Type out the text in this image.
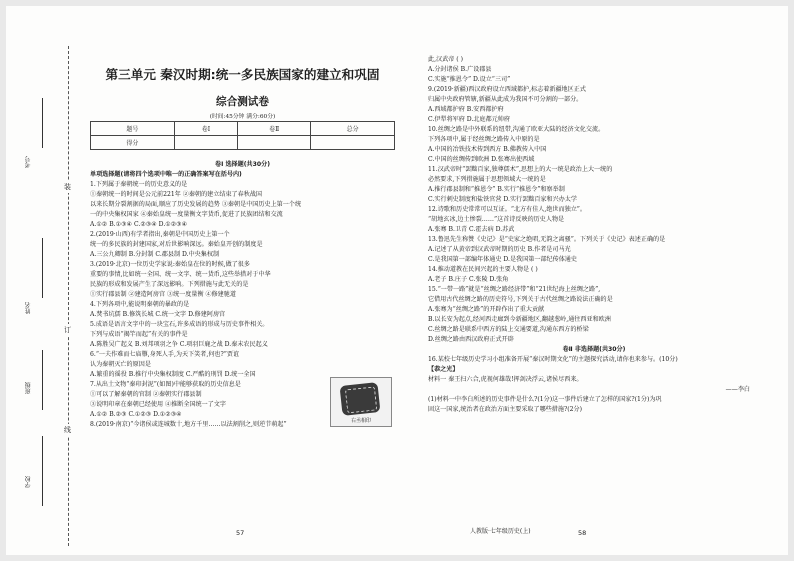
考号
姓名
班级
学校
装
订
线
第三单元 秦汉时期:统一多民族国家的建立和巩固
综合测试卷
(时间:45分钟 满分:60分)
题号	卷Ⅰ	卷Ⅱ	总分
得分			
卷Ⅰ 选择题(共30分)
单项选择题(请将四个选项中唯一的正确答案写在括号内)
1.下列属于秦朝统一的历史意义的是
①秦朝统一的时间是公元前221年 ②秦朝的建立结束了春秋战国
以来长期分裂割据的局面,顺应了历史发展的趋势 ③秦朝是中国历史上第一个统
一的中央集权国家 ④秦始皇统一度量衡文字货币,促进了民族团结和交流
A.①② B.①③④ C.②③④ D.①②③④
2.(2019·山西)有学者指出,秦朝是中国历史上第一个
统一的多民族的封建国家,对后世影响深远。秦始皇开创的制度是
A.三公九卿制 B.分封制 C.郡县制 D.中央集权制
3.(2019·北京)一位历史学家说:秦始皇在位的时候,做了很多
重要的事情,比如统一全国、统一文字、统一货币,这些举措对于中华
民族的形成和发展产生了深远影响。下列措施与此无关的是
①实行郡县制 ②建造阿房宫 ③统一度量衡 ④修建驰道
4.下列各项中,能说明秦朝的暴政的是
A.焚书坑儒 B.修筑长城 C.统一文字 D.修建阿房宫
5.成语是语言文字中的一块宝石,许多成语的形成与历史事件相关。
下列与成语“揭竿而起”有关的事件是
A.陈胜吴广起义 B.刘邦项羽之争 C.项羽巨鹿之战 D.秦末农民起义
6.“一夫作难而七庙隳,身死人手,为天下笑者,何也?”贾谊
认为秦朝灭亡的原因是
A.繁重的徭役 B.推行中央集权制度 C.严酷的刑罚 D.统一全国
7.从出土文物“秦印封泥”(如图)中能够获取的历史信息是
①可以了解秦朝的官制 ②秦朝实行郡县制
③说明印章在秦朝已经使用 ④推断全国统一了文字
A.①② B.②③ C.①②③ D.①②③④
8.(2019·南京)“今诸侯或连城数十,地方千里……以法割削之,则逆节萌起”	右丞相印
此,汉武帝 ( )
A.分封诸侯 B.广设郡县
C.实施“推恩令” D.设立“三司”
9.(2019·新疆)西汉政府设立西域都护,标志着新疆地区正式
归属中央政府管辖,新疆从此成为我国不可分割的一部分。
A.西域都护府 B.安西都护府
C.伊犁将军府 D.北庭都元帅府
10.丝绸之路是中外联系的纽带,沟通了欧亚大陆的经济文化交流。
下列各项中,属于经丝绸之路传入中原的是
A.中国的冶铁技术传到西方 B.佛教传入中国
C.中国的丝绸传到欧洲 D.张骞出使西域
11.汉武帝时“罢黜百家,独尊儒术”,思想上的大一统是政治上大一统的
必然要求,下列措施属于思想领域大一统的是
A.推行郡县制和“推恩令” B.实行“推恩令”和察举制
C.实行刺史制度和盐铁官营 D.实行罢黜百家和兴办太学
12.诗歌和历史常常可以互证。“北方有佳人,绝世而独立”。
“胡地玄冰,边土惨裂……”这首诗反映的历史人物是
A.张骞 B.卫青 C.霍去病 D.苏武
13.鲁迅先生称赞《史记》是“史家之绝唱,无韵之离骚”。下列关于《史记》表述正确的是
A.记述了从黄帝到汉武帝时期的历史 B.作者是司马光
C.是我国第一部编年体通史 D.是我国第一部纪传体通史
14.推动道教在民间兴起的主要人物是 ( )
A.老子 B.庄子 C.张陵 D.张角
15.“一带一路”就是“丝绸之路经济带”和“21世纪海上丝绸之路”,
它借用古代丝绸之路的历史符号,下列关于古代丝绸之路说法正确的是
A.张骞为“丝绸之路”的开辟作出了重大贡献
B.以长安为起点,经河西走廊到今新疆地区,翻越葱岭,通往西亚和欧洲
C.丝绸之路是联系中西方的陆上交通要道,沟通东西方的桥梁
D.丝绸之路由西汉政府正式开辟
卷Ⅱ 非选择题(共30分)
16.某校七年级历史学习小组准备开展“秦汉时期文化”的主题探究活动,请你也来参与。(10分)
【恭之光】
材料一 秦王扫六合,虎视何雄哉!挥剑决浮云,诸侯尽西来。
——李白
(1)材料一中李白所述的历史事件是什么?(1分)这一事件后建立了怎样的国家?(1分)为巩
固这一国家,统治者在政治方面主要采取了哪些措施?(2分)
57	人教版·七年级历史(上)	58
